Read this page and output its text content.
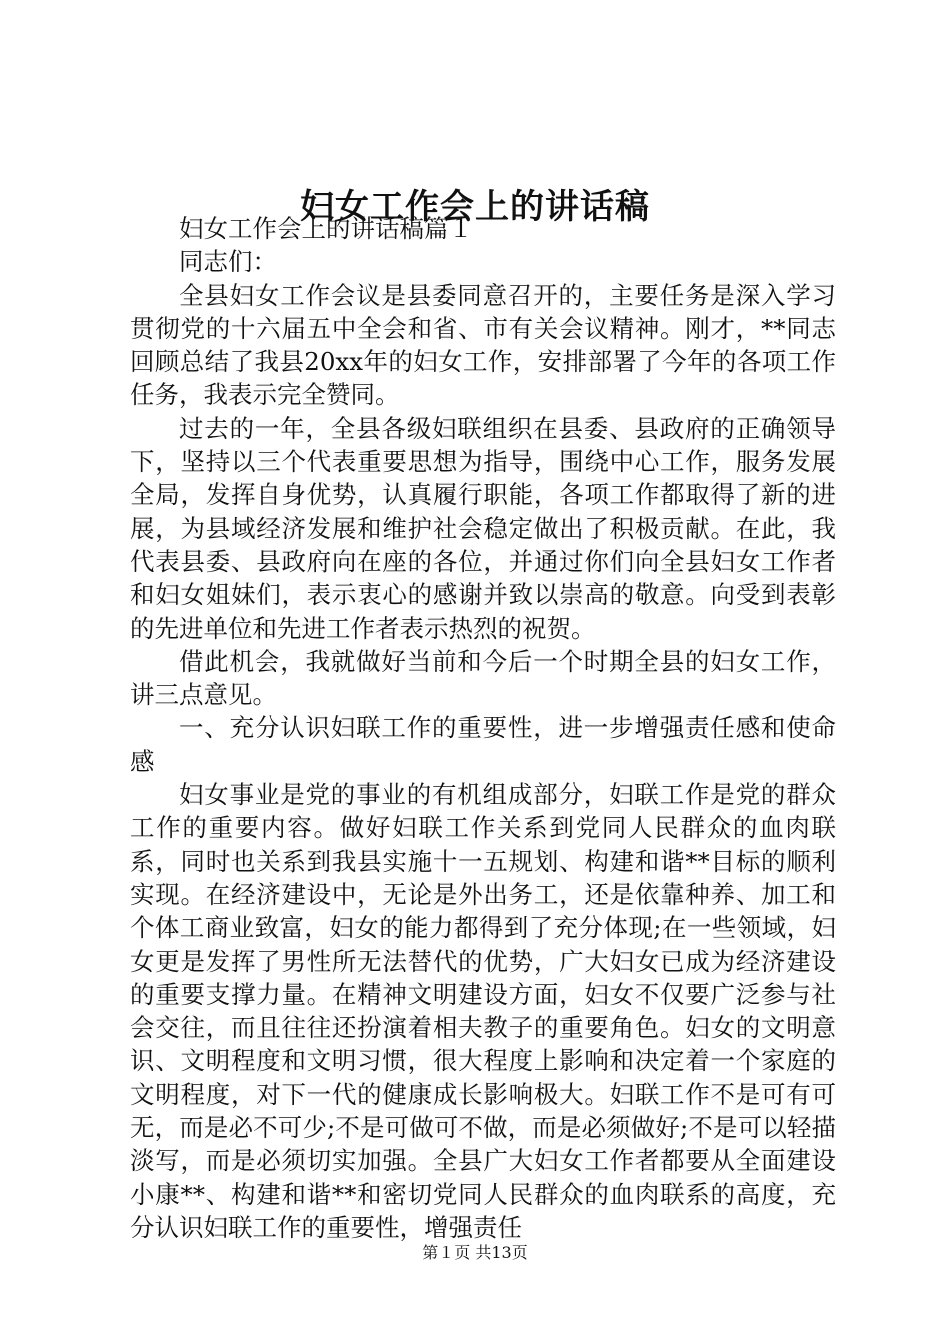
妇女工作会上的讲话稿

妇女工作会上的讲话稿篇１

同志们：

全县妇女工作会议是县委同意召开的，主要任务是深入学习贯彻党的十六届五中全会和省、市有关会议精神。刚才，**同志回顾总结了我县20xx年的妇女工作，安排部署了今年的各项工作任务，我表示完全赞同。

过去的一年，全县各级妇联组织在县委、县政府的正确领导下，坚持以三个代表重要思想为指导，围绕中心工作，服务发展全局，发挥自身优势，认真履行职能，各项工作都取得了新的进展，为县域经济发展和维护社会稳定做出了积极贡献。在此，我代表县委、县政府向在座的各位，并通过你们向全县妇女工作者和妇女姐妹们，表示衷心的感谢并致以崇高的敬意。向受到表彰的先进单位和先进工作者表示热烈的祝贺。

借此机会，我就做好当前和今后一个时期全县的妇女工作，讲三点意见。

一、充分认识妇联工作的重要性，进一步增强责任感和使命感

妇女事业是党的事业的有机组成部分，妇联工作是党的群众工作的重要内容。做好妇联工作关系到党同人民群众的血肉联系，同时也关系到我县实施十一五规划、构建和谐**目标的顺利实现。在经济建设中，无论是外出务工，还是依靠种养、加工和个体工商业致富，妇女的能力都得到了充分体现;在一些领域，妇女更是发挥了男性所无法替代的优势，广大妇女已成为经济建设的重要支撑力量。在精神文明建设方面，妇女不仅要广泛参与社会交往，而且往往还扮演着相夫教子的重要角色。妇女的文明意识、文明程度和文明习惯，很大程度上影响和决定着一个家庭的文明程度，对下一代的健康成长影响极大。妇联工作不是可有可无，而是必不可少;不是可做可不做，而是必须做好;不是可以轻描淡写，而是必须切实加强。全县广大妇女工作者都要从全面建设小康**、构建和谐**和密切党同人民群众的血肉联系的高度，充分认识妇联工作的重要性，增强责任

第１页 共13页
